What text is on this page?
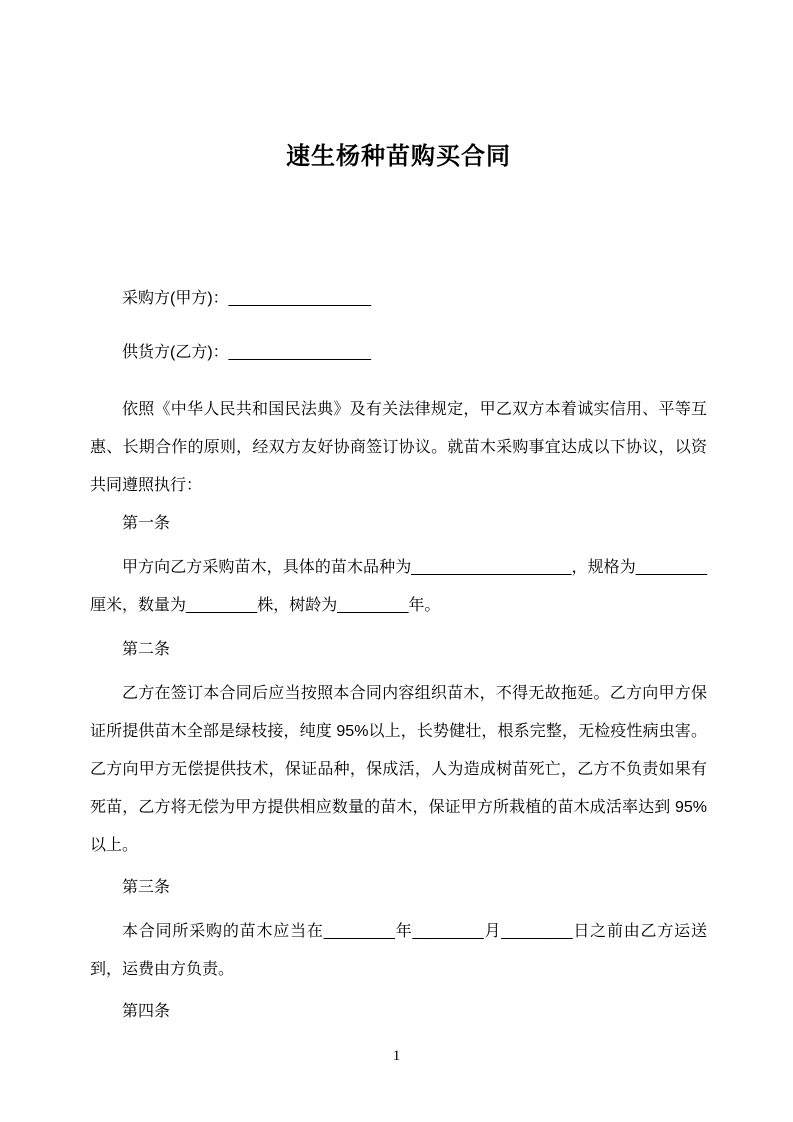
速生杨种苗购买合同

采购方(甲方)：________________

供货方(乙方)：________________

依照《中华人民共和国民法典》及有关法律规定，甲乙双方本着诚实信用、平等互惠、长期合作的原则，经双方友好协商签订协议。就苗木采购事宜达成以下协议，以资共同遵照执行：

第一条

甲方向乙方采购苗木，具体的苗木品种为__________________，规格为________厘米，数量为________株，树龄为________年。

第二条

乙方在签订本合同后应当按照本合同内容组织苗木，不得无故拖延。乙方向甲方保证所提供苗木全部是绿枝接，纯度 95%以上，长势健壮，根系完整，无检疫性病虫害。乙方向甲方无偿提供技术，保证品种，保成活，人为造成树苗死亡，乙方不负责如果有死苗，乙方将无偿为甲方提供相应数量的苗木，保证甲方所栽植的苗木成活率达到 95%以上。

第三条

本合同所采购的苗木应当在________年________月________日之前由乙方运送到，运费由方负责。

第四条

1
